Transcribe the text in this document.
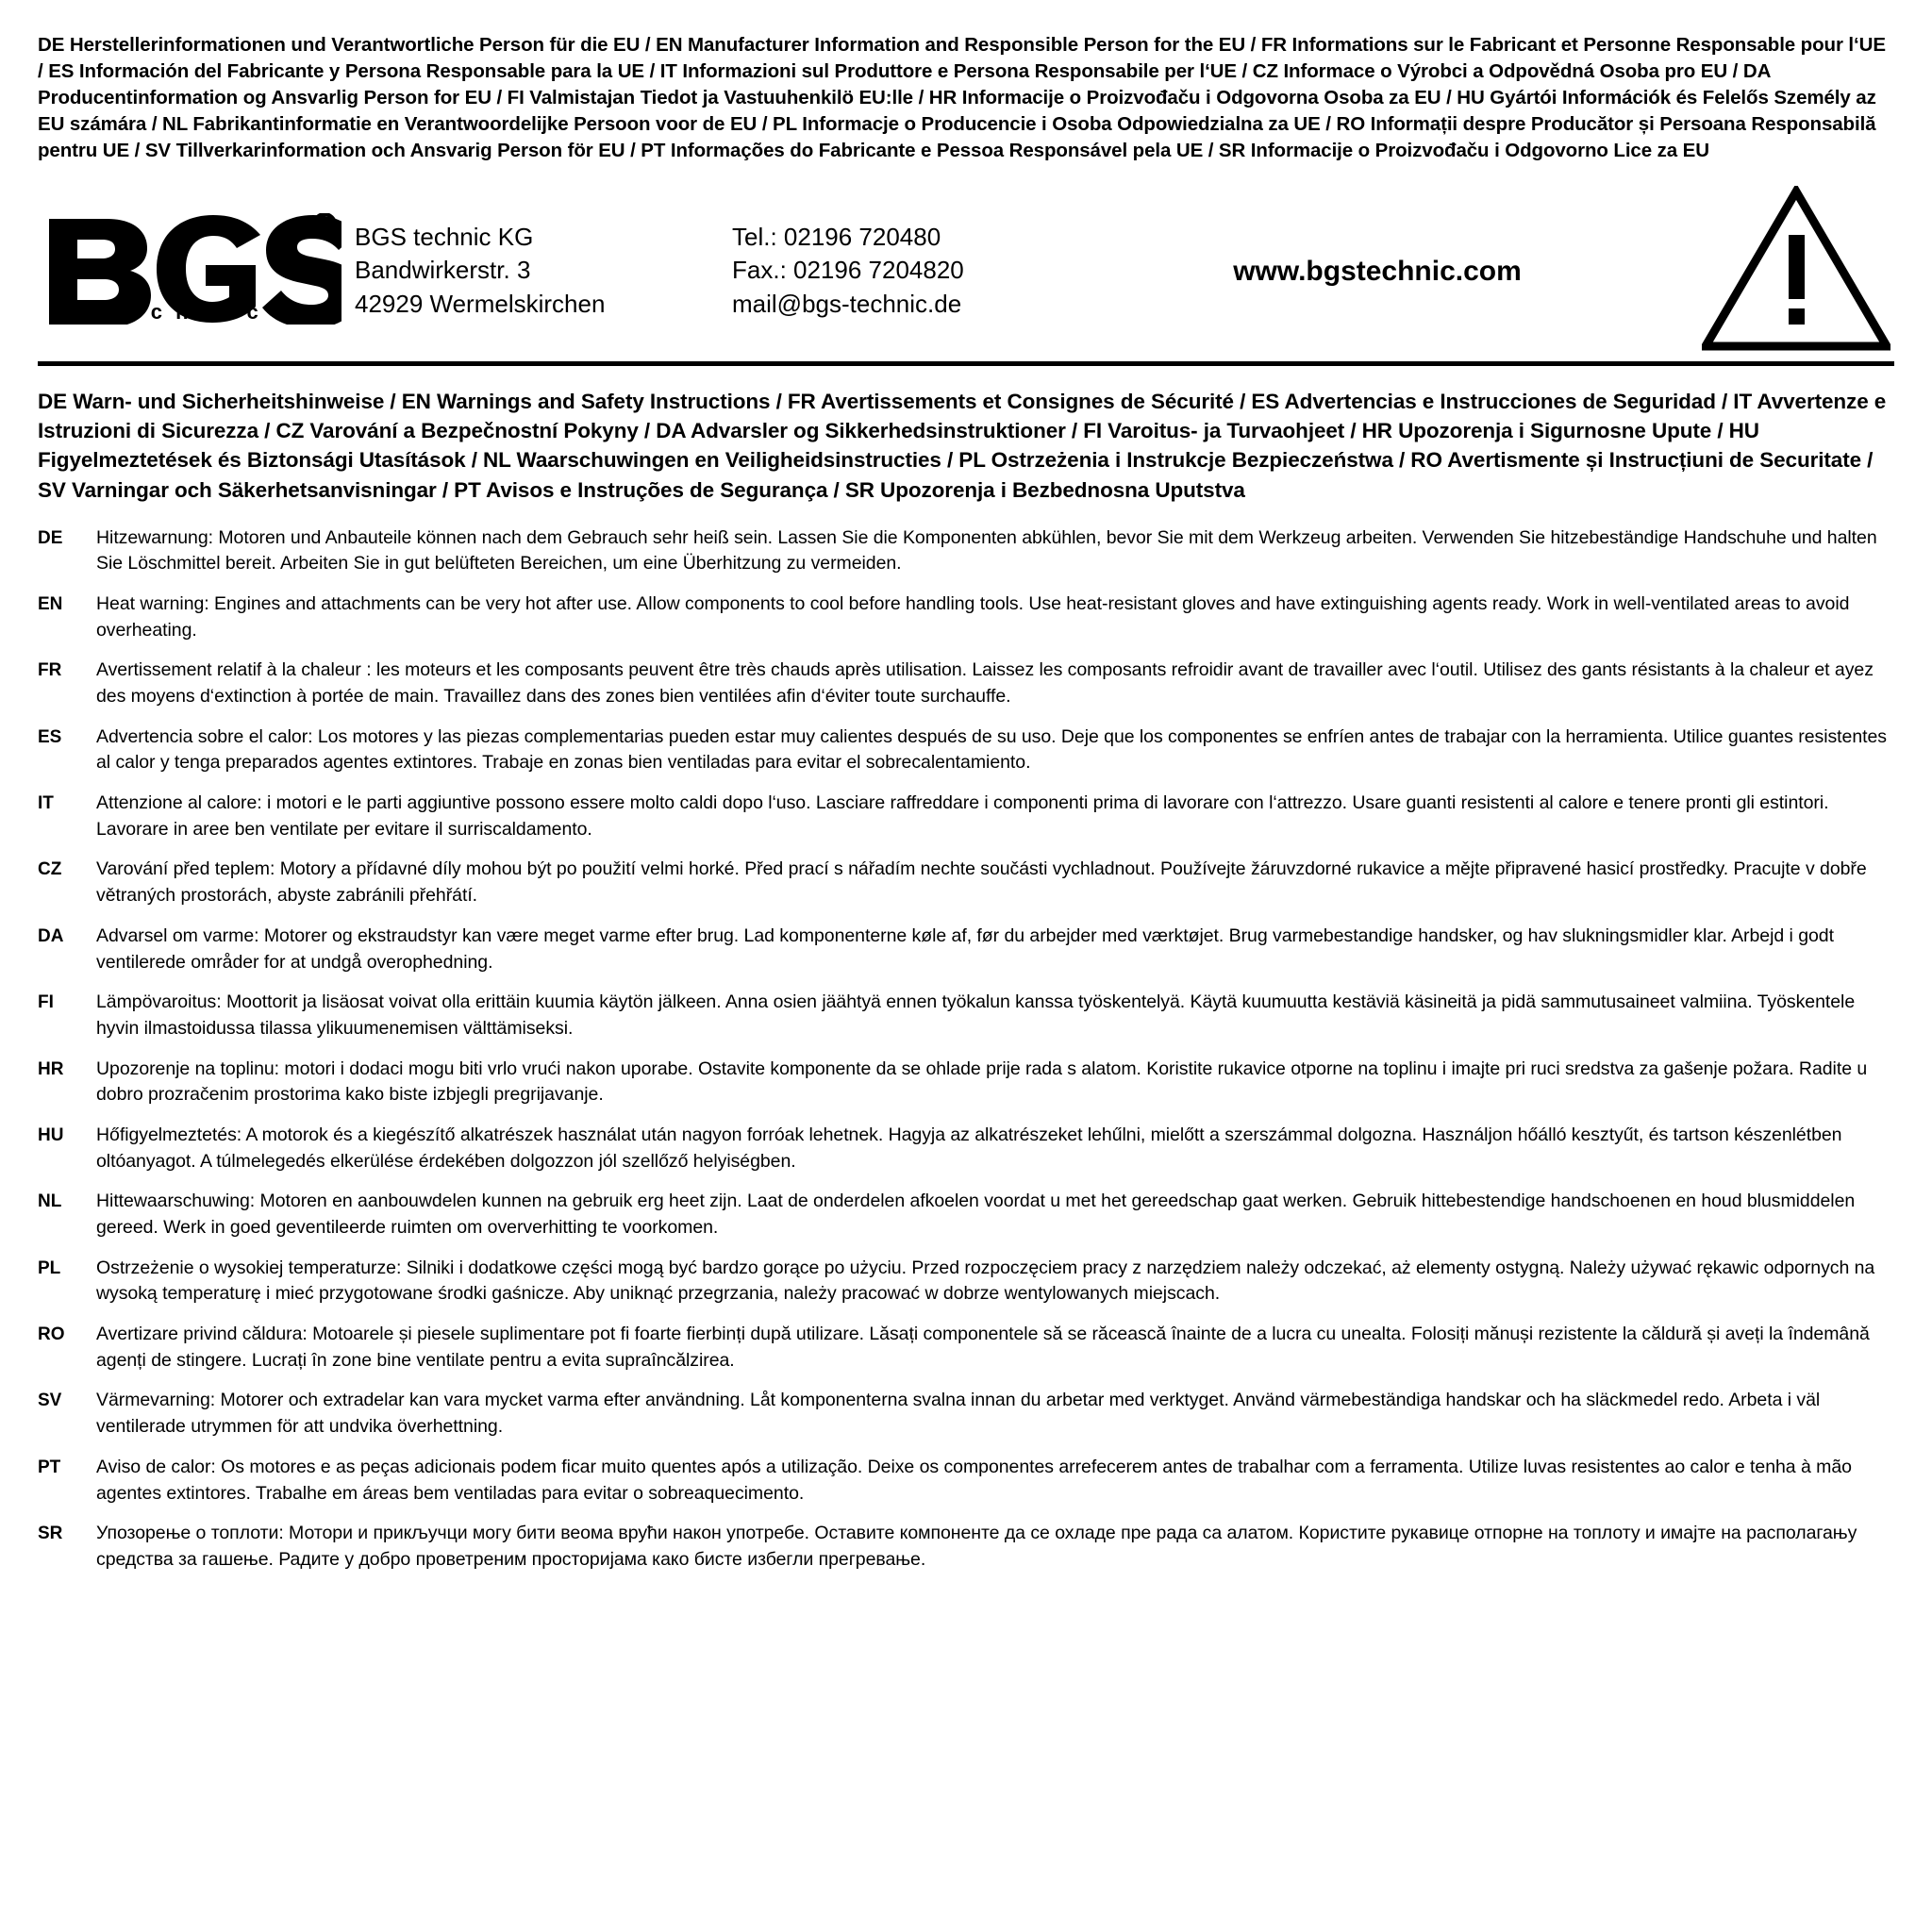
DE Herstellerinformationen und Verantwortliche Person für die EU / EN Manufacturer Information and Responsible Person for the EU / FR Informations sur le Fabricant et Personne Responsable pour l‘UE / ES Información del Fabricante y Persona Responsable para la UE / IT Informazioni sul Produttore e Persona Responsabile per l‘UE / CZ Informace o Výrobci a Odpovědná Osoba pro EU / DA Producentinformation og Ansvarlig Person for EU / FI Valmistajan Tiedot ja Vastuuhenkilö EU:lle / HR Informacije o Proizvođaču i Odgovorna Osoba za EU / HU Gyártói Információk és Felelős Személy az EU számára / NL Fabrikantinformatie en Verantwoordelijke Persoon voor de EU / PL Informacje o Producencie i Osoba Odpowiedzialna za UE / RO Informații despre Producător și Persoana Responsabilă pentru UE / SV Tillverkarinformation och Ansvarig Person för EU / PT Informações do Fabricante e Pessoa Responsável pela UE / SR Informacije o Proizvođaču i Odgovorno Lice za EU
R
t e c h n i c
BGS technic KG
Bandwirkerstr. 3
42929 Wermelskirchen
Tel.: 02196 720480
Fax.: 02196 7204820
mail@bgs-technic.de
www.bgstechnic.com
DE Warn- und Sicherheitshinweise / EN Warnings and Safety Instructions / FR Avertissements et Consignes de Sécurité / ES Advertencias e Instrucciones de Seguridad / IT Avvertenze e Istruzioni di Sicurezza / CZ Varování a Bezpečnostní Pokyny / DA Advarsler og Sikkerhedsinstruktioner / FI Varoitus- ja Turvaohjeet / HR Upozorenja i Sigurnosne Upute / HU Figyelmeztetések és Biztonsági Utasítások / NL Waarschuwingen en Veiligheidsinstructies / PL Ostrzeżenia i Instrukcje Bezpieczeństwa / RO Avertismente și Instrucțiuni de Securitate / SV Varningar och Säkerhetsanvisningar / PT Avisos e Instruções de Segurança / SR Upozorenja i Bezbednosna Uputstva
DE	Hitzewarnung: Motoren und Anbauteile können nach dem Gebrauch sehr heiß sein. Lassen Sie die Komponenten abkühlen, bevor Sie mit dem Werkzeug arbeiten. Verwenden Sie hitzebeständige Handschuhe und halten Sie Löschmittel bereit. Arbeiten Sie in gut belüfteten Bereichen, um eine Überhitzung zu vermeiden.
EN	Heat warning: Engines and attachments can be very hot after use. Allow components to cool before handling tools. Use heat-resistant gloves and have extinguishing agents ready. Work in well-ventilated areas to avoid overheating.
FR	Avertissement relatif à la chaleur : les moteurs et les composants peuvent être très chauds après utilisation. Laissez les composants refroidir avant de travailler avec l‘outil. Utilisez des gants résistants à la chaleur et ayez des moyens d‘extinction à portée de main. Travaillez dans des zones bien ventilées afin d‘éviter toute surchauffe.
ES	Advertencia sobre el calor: Los motores y las piezas complementarias pueden estar muy calientes después de su uso. Deje que los componentes se enfríen antes de trabajar con la herramienta. Utilice guantes resistentes al calor y tenga preparados agentes extintores. Trabaje en zonas bien ventiladas para evitar el sobrecalentamiento.
IT	Attenzione al calore: i motori e le parti aggiuntive possono essere molto caldi dopo l‘uso. Lasciare raffreddare i componenti prima di lavorare con l‘attrezzo. Usare guanti resistenti al calore e tenere pronti gli estintori. Lavorare in aree ben ventilate per evitare il surriscaldamento.
CZ	Varování před teplem: Motory a přídavné díly mohou být po použití velmi horké. Před prací s nářadím nechte součásti vychladnout. Používejte žáruvzdorné rukavice a mějte připravené hasicí prostředky. Pracujte v dobře větraných prostorách, abyste zabránili přehřátí.
DA	Advarsel om varme: Motorer og ekstraudstyr kan være meget varme efter brug. Lad komponenterne køle af, før du arbejder med værktøjet. Brug varmebestandige handsker, og hav slukningsmidler klar. Arbejd i godt ventilerede områder for at undgå overophedning.
FI	Lämpövaroitus: Moottorit ja lisäosat voivat olla erittäin kuumia käytön jälkeen. Anna osien jäähtyä ennen työkalun kanssa työskentelyä. Käytä kuumuutta kestäviä käsineitä ja pidä sammutusaineet valmiina. Työskentele hyvin ilmastoidussa tilassa ylikuumenemisen välttämiseksi.
HR	Upozorenje na toplinu: motori i dodaci mogu biti vrlo vrući nakon uporabe. Ostavite komponente da se ohlade prije rada s alatom. Koristite rukavice otporne na toplinu i imajte pri ruci sredstva za gašenje požara. Radite u dobro prozračenim prostorima kako biste izbjegli pregrijavanje.
HU	Hőfigyelmeztetés: A motorok és a kiegészítő alkatrészek használat után nagyon forróak lehetnek. Hagyja az alkatrészeket lehűlni, mielőtt a szerszámmal dolgozna. Használjon hőálló kesztyűt, és tartson készenlétben oltóanyagot. A túlmelegedés elkerülése érdekében dolgozzon jól szellőző helyiségben.
NL	Hittewaarschuwing: Motoren en aanbouwdelen kunnen na gebruik erg heet zijn. Laat de onderdelen afkoelen voordat u met het gereedschap gaat werken. Gebruik hittebestendige handschoenen en houd blusmiddelen gereed. Werk in goed geventileerde ruimten om oververhitting te voorkomen.
PL	Ostrzeżenie o wysokiej temperaturze: Silniki i dodatkowe części mogą być bardzo gorące po użyciu. Przed rozpoczęciem pracy z narzędziem należy odczekać, aż elementy ostygną. Należy używać rękawic odpornych na wysoką temperaturę i mieć przygotowane środki gaśnicze. Aby uniknąć przegrzania, należy pracować w dobrze wentylowanych miejscach.
RO	Avertizare privind căldura: Motoarele și piesele suplimentare pot fi foarte fierbinți după utilizare. Lăsați componentele să se răcească înainte de a lucra cu unealta. Folosiți mănuși rezistente la căldură și aveți la îndemână agenți de stingere. Lucrați în zone bine ventilate pentru a evita supraîncălzirea.
SV	Värmevarning: Motorer och extradelar kan vara mycket varma efter användning. Låt komponenterna svalna innan du arbetar med verktyget. Använd värmebeständiga handskar och ha släckmedel redo. Arbeta i väl ventilerade utrymmen för att undvika överhettning.
PT	Aviso de calor: Os motores e as peças adicionais podem ficar muito quentes após a utilização. Deixe os componentes arrefecerem antes de trabalhar com a ferramenta. Utilize luvas resistentes ao calor e tenha à mão agentes extintores. Trabalhe em áreas bem ventiladas para evitar o sobreaquecimento.
SR	Упозорење о топлоти: Мотори и прикључци могу бити веома врући након употребе. Оставите компоненте да се охладе пре рада са алатом. Користите рукавице отпорне на топлоту и имајте на располагању средства за гашење. Радите у добро проветреним просторијама како бисте избегли прегревање.
